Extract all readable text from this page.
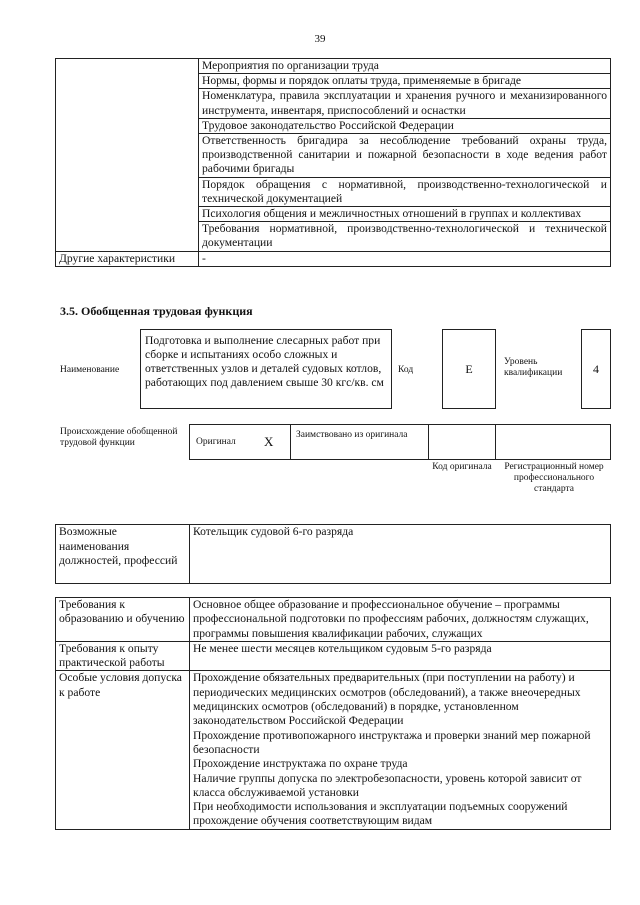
39
	Мероприятия по организации труда
	Нормы, формы и порядок оплаты труда, применяемые в бригаде
	Номенклатура, правила эксплуатации и хранения ручного и механизированного инструмента, инвентаря, приспособлений и оснастки
	Трудовое законодательство Российской Федерации
	Ответственность бригадира за несоблюдение требований охраны труда, производственной санитарии и пожарной безопасности в ходе ведения работ рабочими бригады
	Порядок обращения с нормативной, производственно-технологической и технической документацией
	Психология общения и межличностных отношений в группах и коллективах
	Требования нормативной, производственно-технологической и технической документации
Другие характеристики	-
3.5. Обобщенная трудовая функция
Наименование
Подготовка и выполнение слесарных работ при сборке и испытаниях особо сложных и ответственных узлов и деталей судовых котлов, работающих под давлением свыше 30 кгс/кв. см
Код	E	Уровень квалификации	4
Происхождение обобщенной трудовой функции	Оригинал X Заимствовано из оригинала
Код оригинала	Регистрационный номер профессионального стандарта
Возможные наименования должностей, профессий	Котельщик судовой 6-го разряда
Требования к образованию и обучению	Основное общее образование и профессиональное обучение – программы профессиональной подготовки по профессиям рабочих, должностям служащих, программы повышения квалификации рабочих, служащих
Требования к опыту практической работы	Не менее шести месяцев котельщиком судовым 5-го разряда
Особые условия допуска к работе	Прохождение обязательных предварительных (при поступлении на работу) и периодических медицинских осмотров (обследований), а также внеочередных медицинских осмотров (обследований) в порядке, установленном законодательством Российской Федерации
Прохождение противопожарного инструктажа и проверки знаний мер пожарной безопасности
Прохождение инструктажа по охране труда
Наличие группы допуска по электробезопасности, уровень которой зависит от класса обслуживаемой установки
При необходимости использования и эксплуатации подъемных сооружений прохождение обучения соответствующим видам
